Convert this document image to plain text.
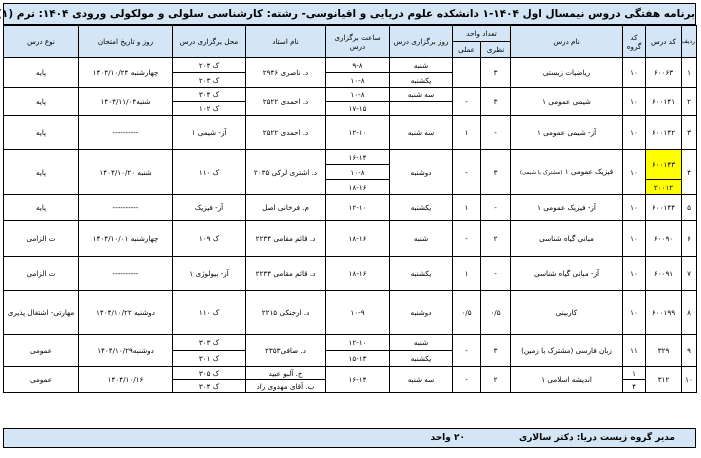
برنامه هفتگی دروس نیمسال اول ۱۴۰۴-۱ دانشکده علوم دریایی و اقیانوسی- رشته: کارشناسی سلولی و مولکولی ورودی ۱۴۰۴: ترم (۱
ردیف	کد درس	کد گروه	نام درس	تعداد واحد		روز برگزاری درس	ساعت برگزاری درس	نام استاد	محل برگزاری درس	روز و تاریخ امتحان	نوع درس
				نظری	عملی						
۱	۶۰۰۶۳	۱۰	ریاضیات زیستی	۳		شنبه	۹-۸	د. ناصری ۲۹۴۶	ک ۲۰۴	چهارشنبه ۱۴۰۴/۱۰/۲۴	پایه
						یکشنبه	۱۰-۸		ک ۲۰۳		
۲	۶۰۰۱۴۱	۱۰	شیمی عمومی ۱	۳	-	سه شنبه	۱۰-۸	د. احمدی ۲۵۲۲	ک ۳۰۴	شنبه۱۴۰۴/۱۱/۰۴	پایه
							۱۷-۱۵		ک ۱۰۲		
۳	۶۰۰۱۴۲	۱۰	آز- شیمی عمومی ۱	-	۱	سه شنبه	۱۲-۱۰	د. احمدی ۲۵۲۲	آز- شیمی ۱	----------	پایه
۴	۶۰۰۱۴۳	۱۰	فیزیک عمومی ۱ (مشترک با شیمی)	۳	-	دوشنبه	۱۶-۱۴	د. اشتری لرکی ۲۰۳۵	ک ۱۱۰	شنبه ۱۴۰۴/۱۰/۲۰	پایه
							۱۰-۸				
	۲۰۰۱۲						۱۸-۱۶				
۵	۶۰۰۱۴۴	۱۰	آز- فیزیک عمومی ۱	-	۱	یکشنبه	۱۲-۱۰	م. فرخانی اصل	آز- فیزیک	----------	پایه
۶	۶۰۰۹۰	۱۰	مبانی گیاه شناسی	۲	-	شنبه	۱۸-۱۶	د. قائم مقامی ۲۲۳۴	ک ۱۰۹	چهارشنبه ۱۴۰۴/۱۰/۰۱	ت الزامی
۷	۶۰۰۹۱	۱۰	آز- مبانی گیاه شناسی	-	۱	یکشنبه	۱۸-۱۶	د. قائم مقامی ۲۲۳۴	آز- بیولوژی ۱	----------	ت الزامی
۸	۶۰۰۱۹۹	۱۰	کاربینی	۰/۵	۰/۵	دوشنبه	۱۰-۹	د. ارجنکی ۲۲۱۵	ک ۱۱۰	دوشنبه ۱۴۰۴/۱۰/۲۲	مهارتی- اشتغال پذیری
۹	۳۲۹	۱۱	زبان فارسی (مشترک با زمین)	۳	-	شنبه	۱۲-۱۰	د. صافی۲۳۵۳	ک ۳۰۳	دوشنبه۱۴۰۴/۱۰/۲۹	عمومی
						یکشنبه	۱۵-۱۳		ک ۳۰۱		
۱۰	۳۱۲	۱	اندیشه اسلامی ۱	۲	-	سه شنبه	۱۶-۱۴	خ. آلبو عبید	ک ۳۰۵	۱۴۰۴/۱۰/۱۶	عمومی
		۴						ب. آقای مهدوی راد	ک ۳۰۴		
مدیر گروه زیست دریا: دکتر سالاری
۲۰ واحد
